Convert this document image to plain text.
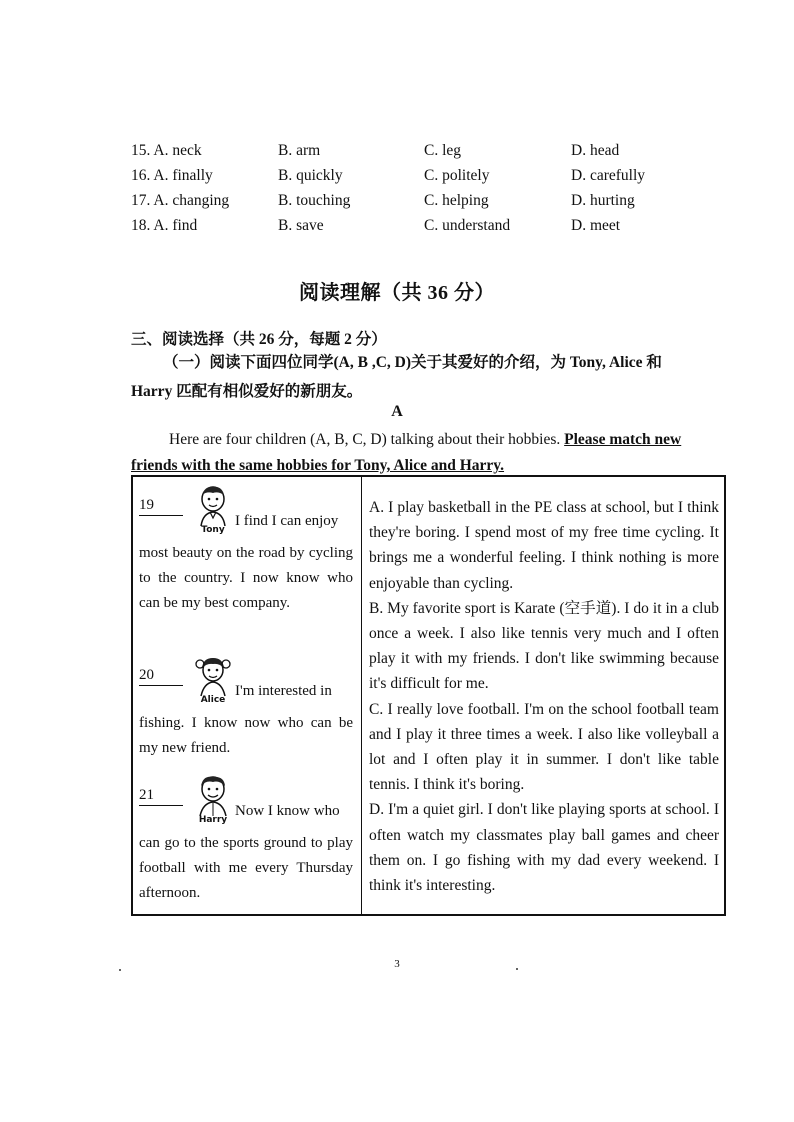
15. A. neck	B. arm	C. leg	D. head
16. A. finally	B. quickly	C. politely	D. carefully
17. A. changing	B. touching	C. helping	D. hurting
18. A. find	B. save	C. understand	D. meet
阅读理解（共 36 分）
三、阅读选择（共 26 分，每题 2 分）
（一）阅读下面四位同学(A, B ,C, D)关于其爱好的介绍，为 Tony, Alice 和
Harry 匹配有相似爱好的新朋友。
A
Here are four children (A, B, C, D) talking about their hobbies. Please match new friends with the same hobbies for Tony, Alice and Harry.
19
Tony
I find I can enjoy
most beauty on the road by cycling to the country. I now know who can be my best company.
20
Alice
I'm interested in
fishing. I know now who can be my new friend.
21
Harry
Now I know who
can go to the sports ground to play football with me every Thursday afternoon.

A. I play basketball in the PE class at school, but I think they're boring. I spend most of my free time cycling. It brings me a wonderful feeling. I think nothing is more enjoyable than cycling.

B. My favorite sport is Karate (空手道). I do it in a club once a week. I also like tennis very much and I often play it with my friends. I don't like swimming because it's difficult for me.

C. I really love football. I'm on the school football team and I play it three times a week. I also like volleyball a lot and I often play it in summer. I don't like table tennis. I think it's boring.

D. I'm a quiet girl. I don't like playing sports at school. I often watch my classmates play ball games and cheer them on. I go fishing with my dad every weekend. I think it's interesting.

3
